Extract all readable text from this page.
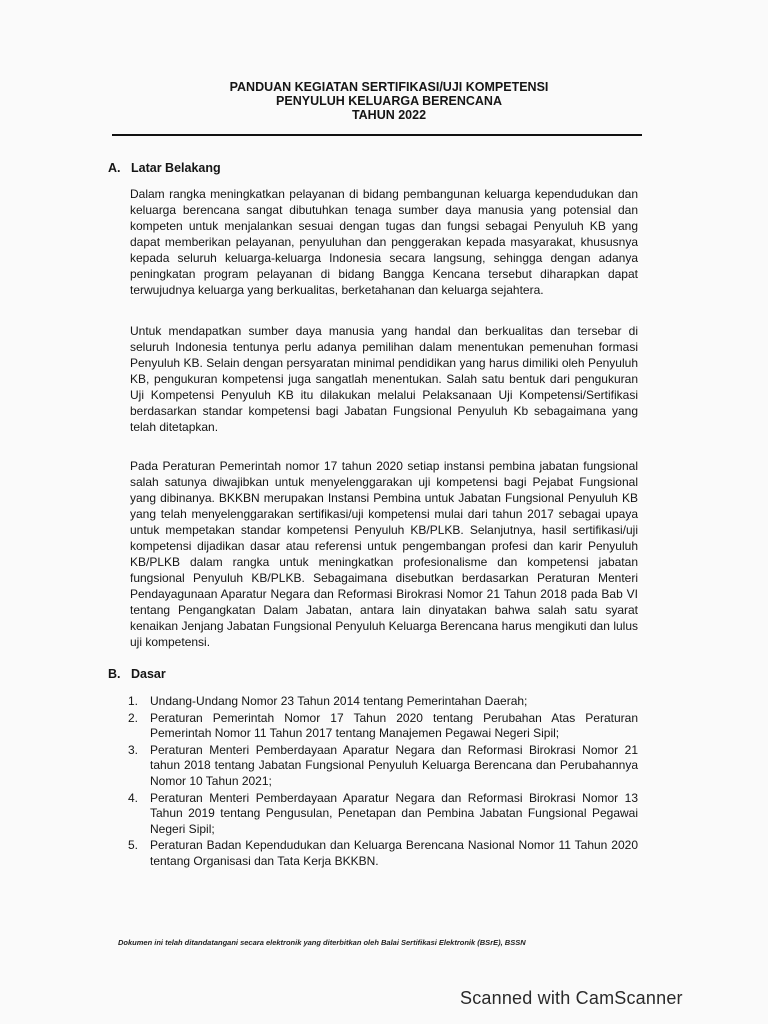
PANDUAN KEGIATAN SERTIFIKASI/UJI KOMPETENSI
PENYULUH KELUARGA BERENCANA
TAHUN 2022
A. Latar Belakang

Dalam rangka meningkatkan pelayanan di bidang pembangunan keluarga kependudukan dan keluarga berencana sangat dibutuhkan tenaga sumber daya manusia yang potensial dan kompeten untuk menjalankan sesuai dengan tugas dan fungsi sebagai Penyuluh KB yang dapat memberikan pelayanan, penyuluhan dan penggerakan kepada masyarakat, khususnya kepada seluruh keluarga-keluarga Indonesia secara langsung, sehingga dengan adanya peningkatan program pelayanan di bidang Bangga Kencana tersebut diharapkan dapat terwujudnya keluarga yang berkualitas, berketahanan dan keluarga sejahtera.

Untuk mendapatkan sumber daya manusia yang handal dan berkualitas dan tersebar di seluruh Indonesia tentunya perlu adanya pemilihan dalam menentukan pemenuhan formasi Penyuluh KB. Selain dengan persyaratan minimal pendidikan yang harus dimiliki oleh Penyuluh KB, pengukuran kompetensi juga sangatlah menentukan. Salah satu bentuk dari pengukuran Uji Kompetensi Penyuluh KB itu dilakukan melalui Pelaksanaan Uji Kompetensi/Sertifikasi berdasarkan standar kompetensi bagi Jabatan Fungsional Penyuluh Kb sebagaimana yang telah ditetapkan.

Pada Peraturan Pemerintah nomor 17 tahun 2020 setiap instansi pembina jabatan fungsional salah satunya diwajibkan untuk menyelenggarakan uji kompetensi bagi Pejabat Fungsional yang dibinanya. BKKBN merupakan Instansi Pembina untuk Jabatan Fungsional Penyuluh KB yang telah menyelenggarakan sertifikasi/uji kompetensi mulai dari tahun 2017 sebagai upaya untuk mempetakan standar kompetensi Penyuluh KB/PLKB. Selanjutnya, hasil sertifikasi/uji kompetensi dijadikan dasar atau referensi untuk pengembangan profesi dan karir Penyuluh KB/PLKB dalam rangka untuk meningkatkan profesionalisme dan kompetensi jabatan fungsional Penyuluh KB/PLKB. Sebagaimana disebutkan berdasarkan Peraturan Menteri Pendayagunaan Aparatur Negara dan Reformasi Birokrasi Nomor 21 Tahun 2018 pada Bab VI tentang Pengangkatan Dalam Jabatan, antara lain dinyatakan bahwa salah satu syarat kenaikan Jenjang Jabatan Fungsional Penyuluh Keluarga Berencana harus mengikuti dan lulus uji kompetensi.

B. Dasar
1. Undang-Undang Nomor 23 Tahun 2014 tentang Pemerintahan Daerah;
2. Peraturan Pemerintah Nomor 17 Tahun 2020 tentang Perubahan Atas Peraturan Pemerintah Nomor 11 Tahun 2017 tentang Manajemen Pegawai Negeri Sipil;
3. Peraturan Menteri Pemberdayaan Aparatur Negara dan Reformasi Birokrasi Nomor 21 tahun 2018 tentang Jabatan Fungsional Penyuluh Keluarga Berencana dan Perubahannya Nomor 10 Tahun 2021;
4. Peraturan Menteri Pemberdayaan Aparatur Negara dan Reformasi Birokrasi Nomor 13 Tahun 2019 tentang Pengusulan, Penetapan dan Pembina Jabatan Fungsional Pegawai Negeri Sipil;
5. Peraturan Badan Kependudukan dan Keluarga Berencana Nasional Nomor 11 Tahun 2020 tentang Organisasi dan Tata Kerja BKKBN.
Dokumen ini telah ditandatangani secara elektronik yang diterbitkan oleh Balai Sertifikasi Elektronik (BSrE), BSSN
Scanned with CamScanner
